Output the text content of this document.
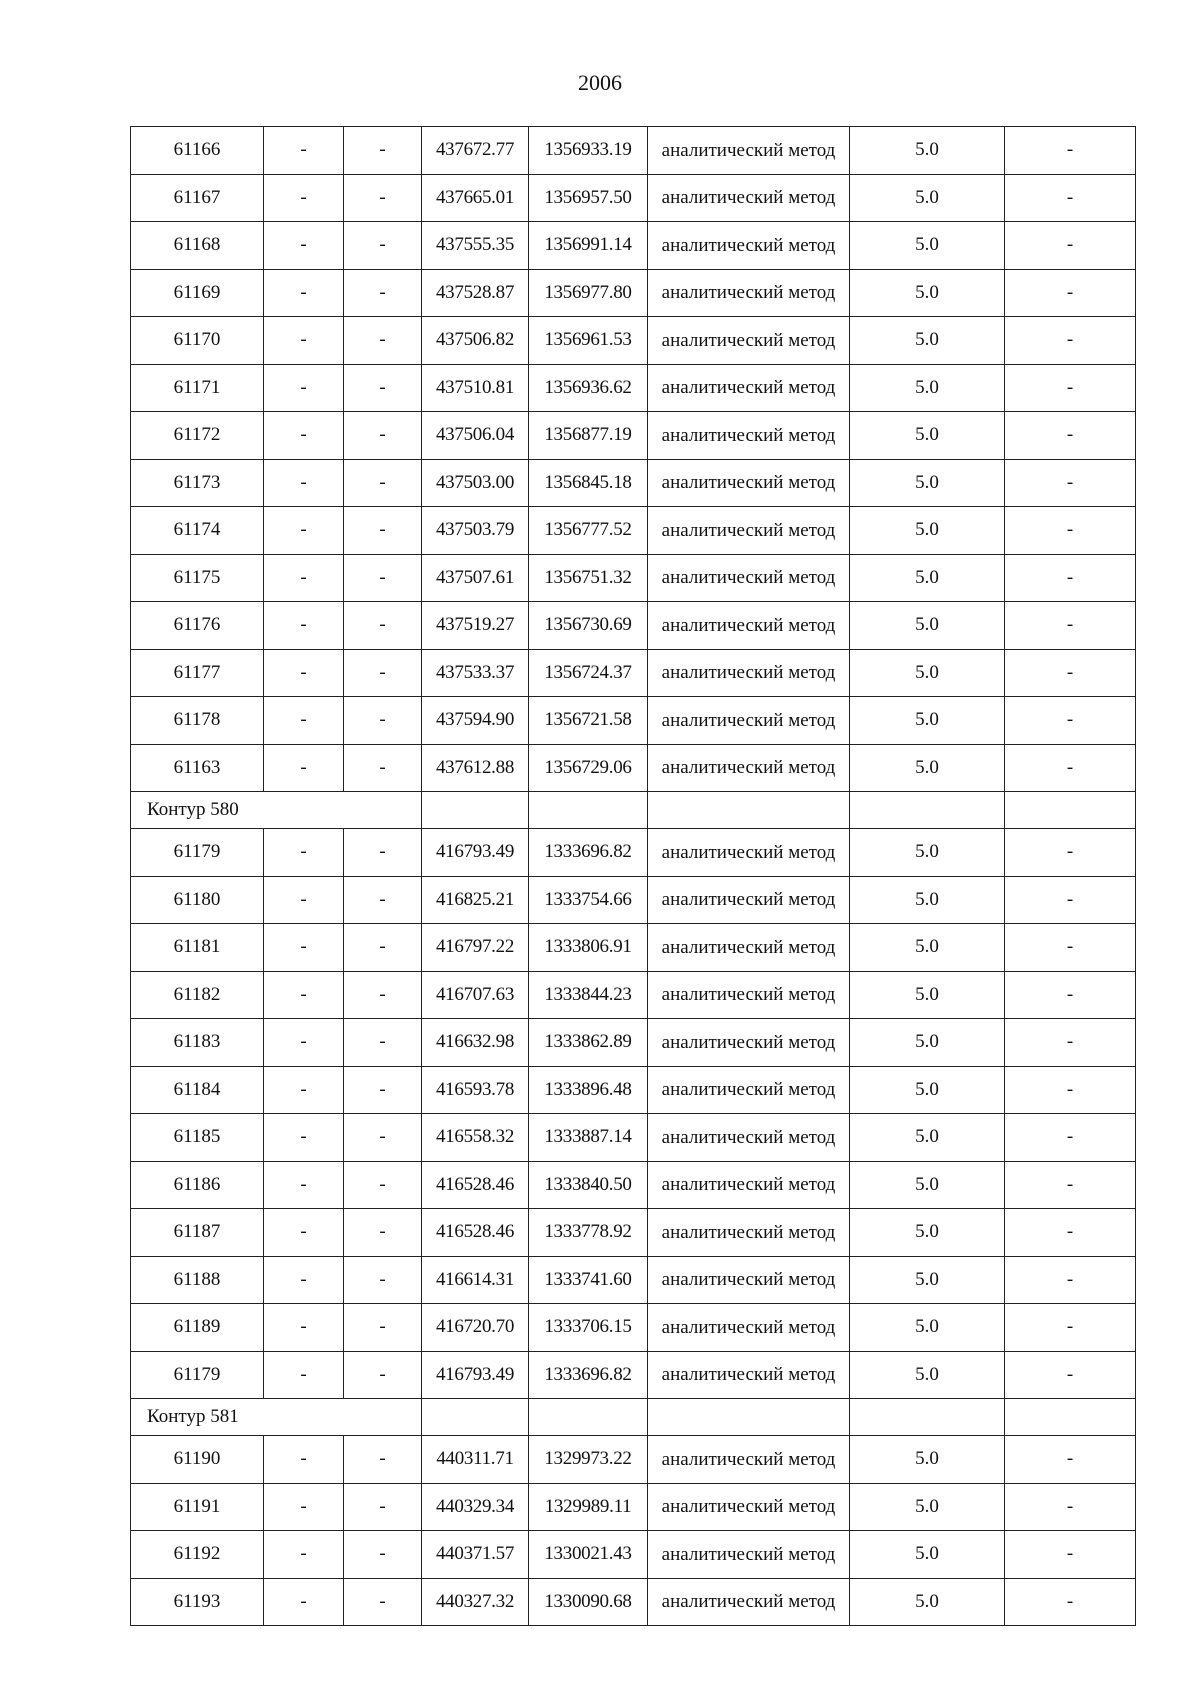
2006
61166	-	-	437672.77	1356933.19	аналитический метод	5.0	-
61167	-	-	437665.01	1356957.50	аналитический метод	5.0	-
61168	-	-	437555.35	1356991.14	аналитический метод	5.0	-
61169	-	-	437528.87	1356977.80	аналитический метод	5.0	-
61170	-	-	437506.82	1356961.53	аналитический метод	5.0	-
61171	-	-	437510.81	1356936.62	аналитический метод	5.0	-
61172	-	-	437506.04	1356877.19	аналитический метод	5.0	-
61173	-	-	437503.00	1356845.18	аналитический метод	5.0	-
61174	-	-	437503.79	1356777.52	аналитический метод	5.0	-
61175	-	-	437507.61	1356751.32	аналитический метод	5.0	-
61176	-	-	437519.27	1356730.69	аналитический метод	5.0	-
61177	-	-	437533.37	1356724.37	аналитический метод	5.0	-
61178	-	-	437594.90	1356721.58	аналитический метод	5.0	-
61163	-	-	437612.88	1356729.06	аналитический метод	5.0	-
Контур 580							
61179	-	-	416793.49	1333696.82	аналитический метод	5.0	-
61180	-	-	416825.21	1333754.66	аналитический метод	5.0	-
61181	-	-	416797.22	1333806.91	аналитический метод	5.0	-
61182	-	-	416707.63	1333844.23	аналитический метод	5.0	-
61183	-	-	416632.98	1333862.89	аналитический метод	5.0	-
61184	-	-	416593.78	1333896.48	аналитический метод	5.0	-
61185	-	-	416558.32	1333887.14	аналитический метод	5.0	-
61186	-	-	416528.46	1333840.50	аналитический метод	5.0	-
61187	-	-	416528.46	1333778.92	аналитический метод	5.0	-
61188	-	-	416614.31	1333741.60	аналитический метод	5.0	-
61189	-	-	416720.70	1333706.15	аналитический метод	5.0	-
61179	-	-	416793.49	1333696.82	аналитический метод	5.0	-
Контур 581							
61190	-	-	440311.71	1329973.22	аналитический метод	5.0	-
61191	-	-	440329.34	1329989.11	аналитический метод	5.0	-
61192	-	-	440371.57	1330021.43	аналитический метод	5.0	-
61193	-	-	440327.32	1330090.68	аналитический метод	5.0	-
